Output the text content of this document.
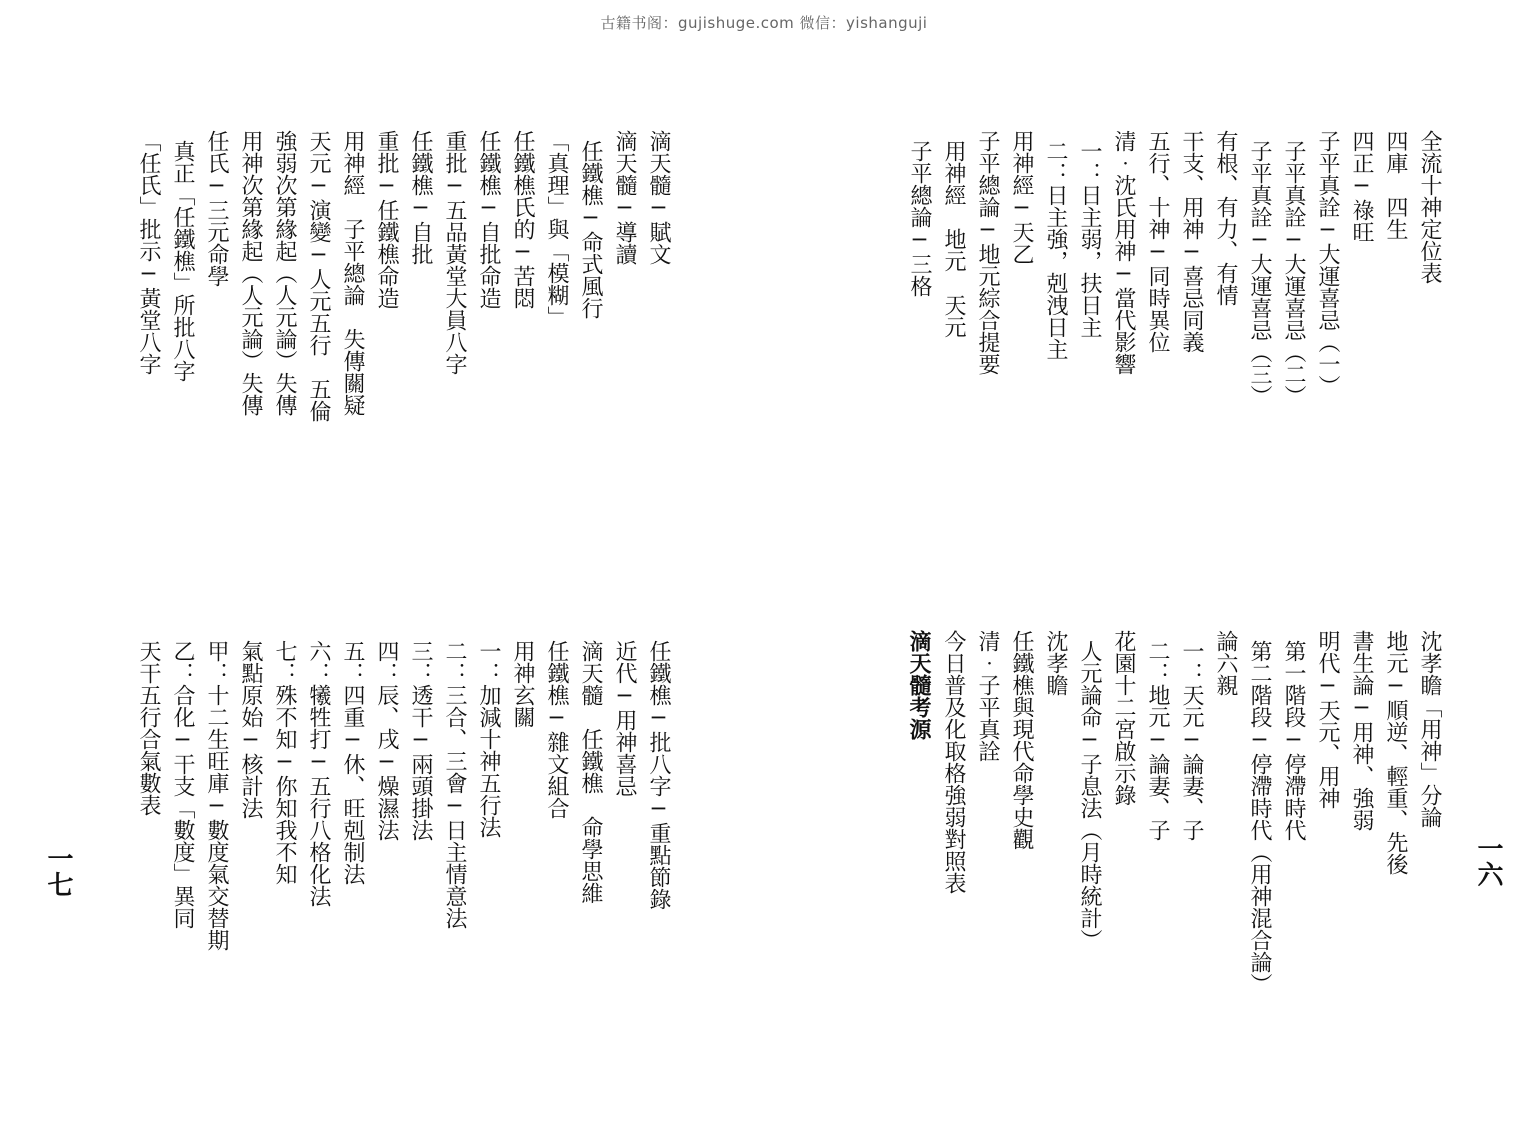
古籍书阁：gujishuge.com 微信：yishanguji
全流十神定位表
四庫　四生
四正─祿旺
子平真詮─大運喜忌（一）
子平真詮─大運喜忌（二）
子平真詮─大運喜忌（三）
有根、有力、有情
干支、用神─喜忌同義
五行、十神─同時異位
清‧沈氏用神─當代影響
一：日主弱，扶日主
二：日主強，剋洩日主
用神經─天乙
子平總論─地元綜合提要
用神經　地元　天元
子平總論─三格
沈孝瞻「用神」分論
地元─順逆、輕重、先後
書生論─用神、強弱
明代─天元、用神
第一階段─停滯時代
第二階段─停滯時代（用神混合論）
論六親
一：天元─論妻、子
二：地元─論妻、子
花園十二宮啟示錄
人元論命─子息法（月時統計）
沈孝瞻
任鐵樵與現代命學史觀
清‧子平真詮
今日普及化取格強弱對照表
滴天髓考源
滴天髓─賦文
滴天髓─導讀
任鐵樵─命式風行
「真理」與「模糊」
任鐵樵氏的─苦悶
任鐵樵─自批命造
重批─五品黃堂大員八字
任鐵樵─自批
重批─任鐵樵命造
用神經　子平總論　失傳關疑
天元─演變─人元五行　五倫
強弱次第緣起（人元論）失傳
用神次第緣起（人元論）失傳
任氏─三元命學
真正「任鐵樵」所批八字
「任氏」批示─黃堂八字
任鐵樵─批八字─重點節錄
近代─用神喜忌
滴天髓　任鐵樵　命學思維
任鐵樵─雜文組合
用神玄關
一：加減十神五行法
二：三合、三會─日主情意法
三：透干─兩頭掛法
四：辰、戌─燥濕法
五：四重─休、旺剋制法
六：犧牲打─五行八格化法
七：殊不知─你知我不知
氣點原始─核計法
甲：十二生旺庫─數度氣交替期
乙：合化─干支「數度」異同
天干五行合氣數表
一六
一七
